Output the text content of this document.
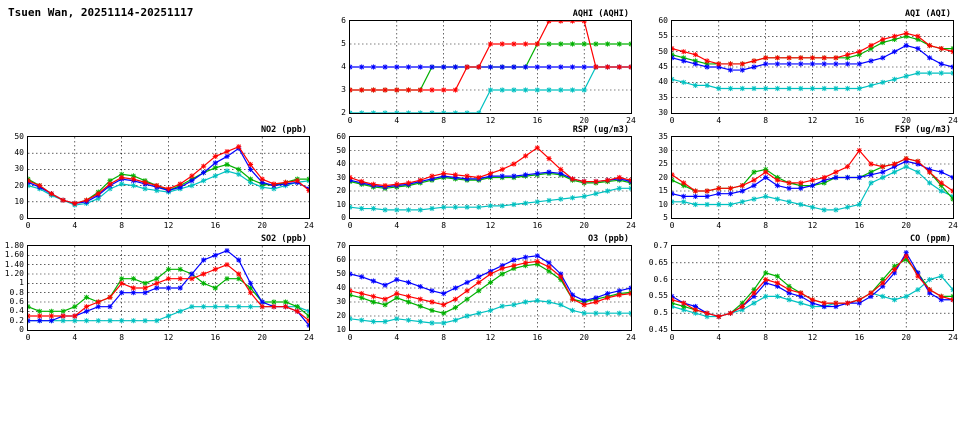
Tsuen Wan, 20251114-20251117	AQHI (AQHI)
0	4	8	12	16	20	24
2
3
4
5
6
AQI (AQI)
0	4	8	12	16	20	24
30
35
40
45
50
55
60
NO2 (ppb)
0	4	8	12	16	20	24
0
10
20
30
40
50
RSP (ug/m3)
0	4	8	12	16	20	24
0
10
20
30
40
50
60
FSP (ug/m3)
0	4	8	12	16	20	24
5
10
15
20
25
30
35
SO2 (ppb)
0	4	8	12	16	20	24
0
0.2
0.4
0.6
0.8
1
1.20
1.40
1.60
1.80
O3 (ppb)
0	4	8	12	16	20	24
10
20
30
40
50
60
70
CO (ppm)
0	4	8	12	16	20	24
0.45
0.5
0.55
0.6
0.65
0.7
